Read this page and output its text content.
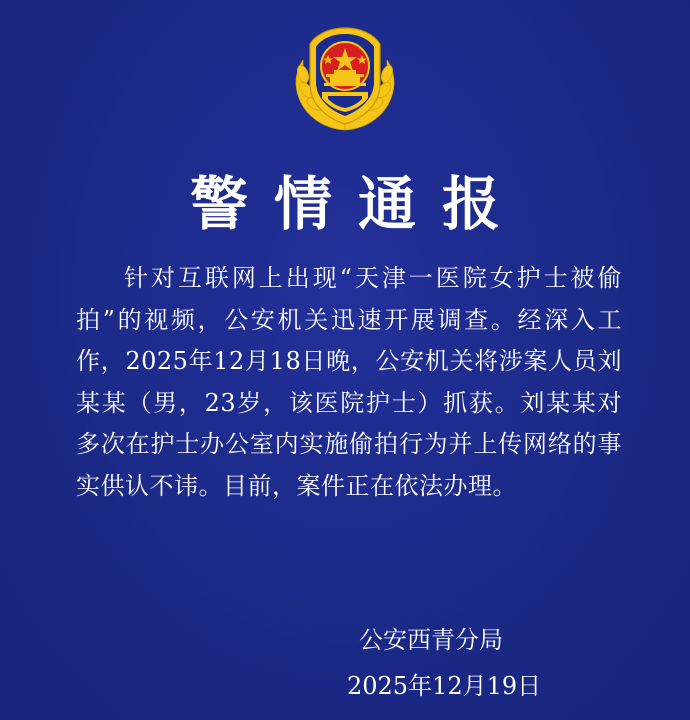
警情通报
针对互联网上出现“天津一医院女护士被偷拍”的视频，公安机关迅速开展调查。经深入工作，2025年12月18日晚，公安机关将涉案人员刘某某（男，23岁，该医院护士）抓获。刘某某对多次在护士办公室内实施偷拍行为并上传网络的事实供认不讳。目前，案件正在依法办理。
公安西青分局
2025年12月19日
